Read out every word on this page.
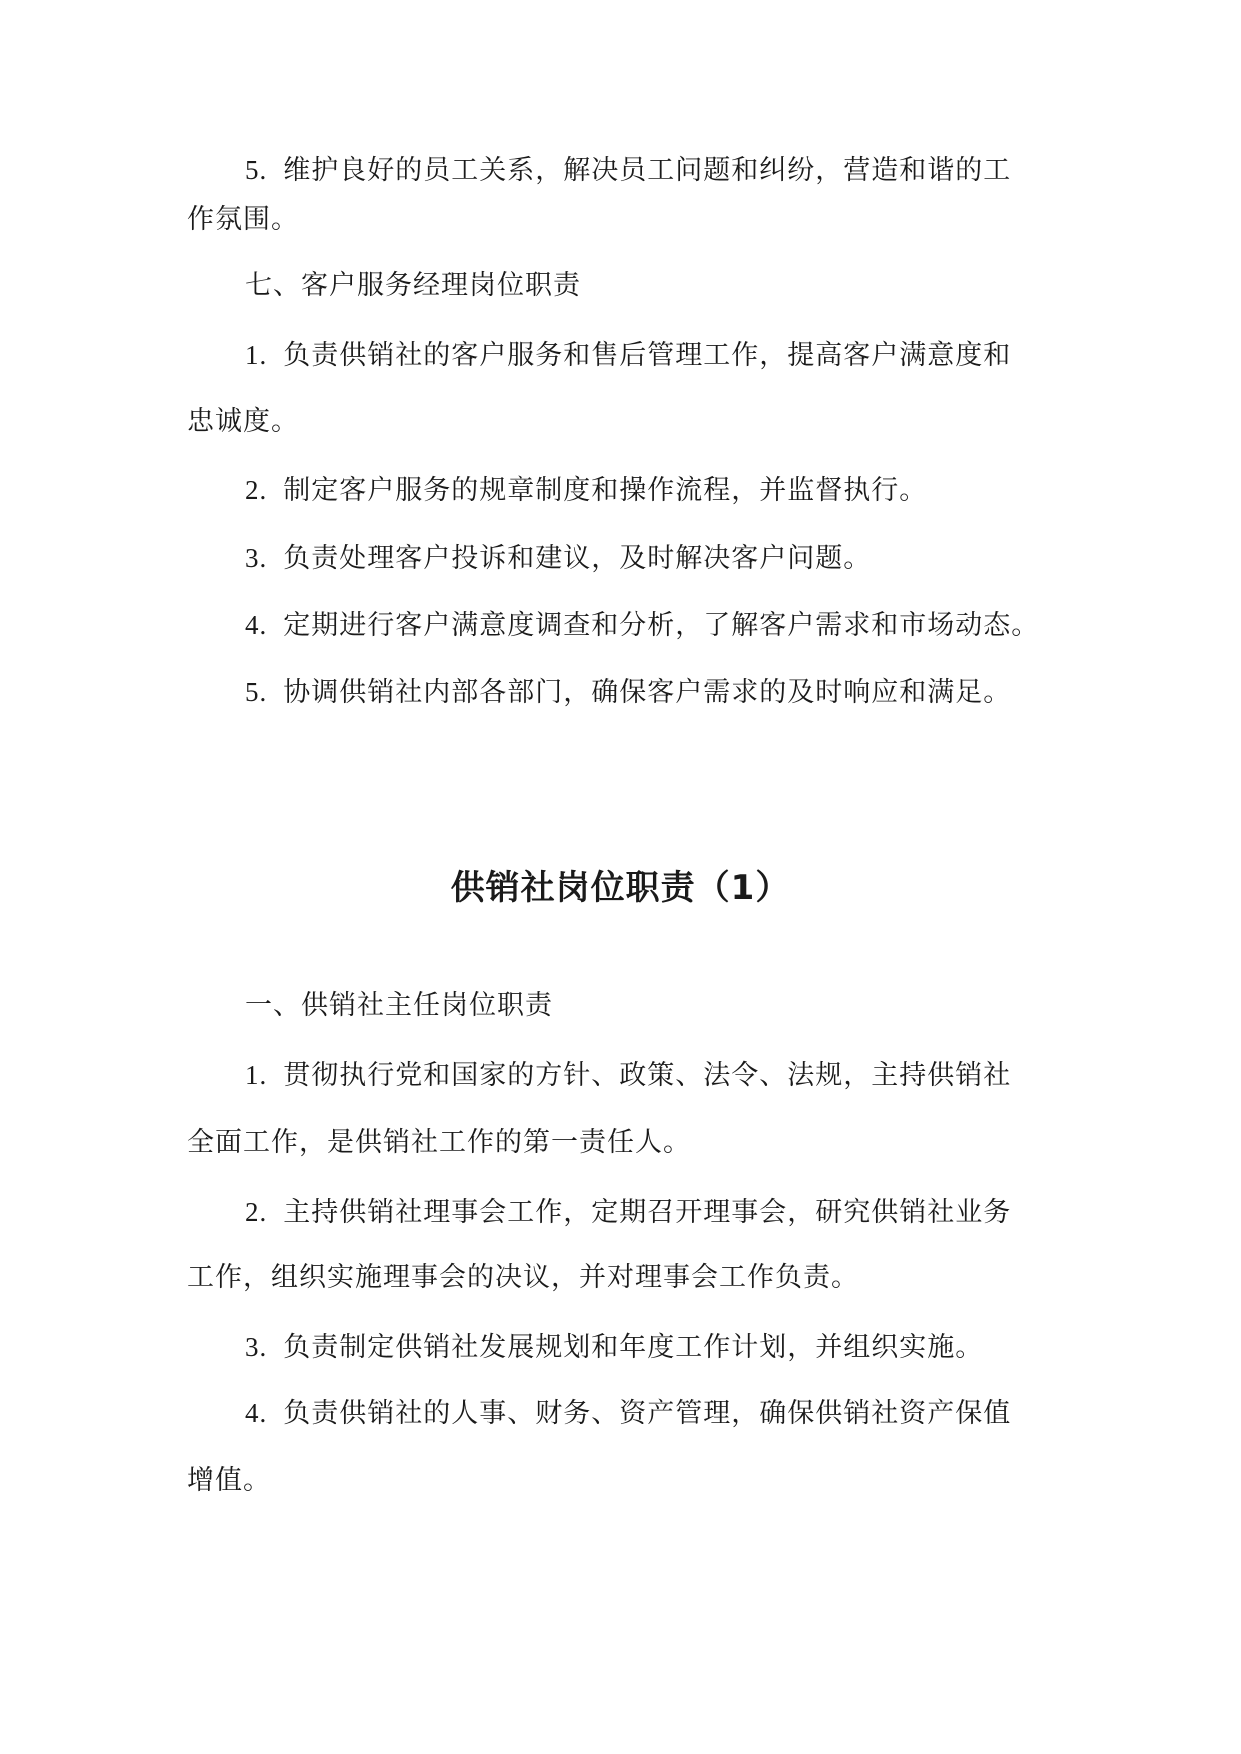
5. 维护良好的员工关系，解决员工问题和纠纷，营造和谐的工
作氛围。
七、客户服务经理岗位职责
1. 负责供销社的客户服务和售后管理工作，提高客户满意度和
忠诚度。
2. 制定客户服务的规章制度和操作流程，并监督执行。
3. 负责处理客户投诉和建议，及时解决客户问题。
4. 定期进行客户满意度调查和分析，了解客户需求和市场动态。
5. 协调供销社内部各部门，确保客户需求的及时响应和满足。
供销社岗位职责（1）
一、供销社主任岗位职责
1. 贯彻执行党和国家的方针、政策、法令、法规，主持供销社
全面工作，是供销社工作的第一责任人。
2. 主持供销社理事会工作，定期召开理事会，研究供销社业务
工作，组织实施理事会的决议，并对理事会工作负责。
3. 负责制定供销社发展规划和年度工作计划，并组织实施。
4. 负责供销社的人事、财务、资产管理，确保供销社资产保值
增值。
